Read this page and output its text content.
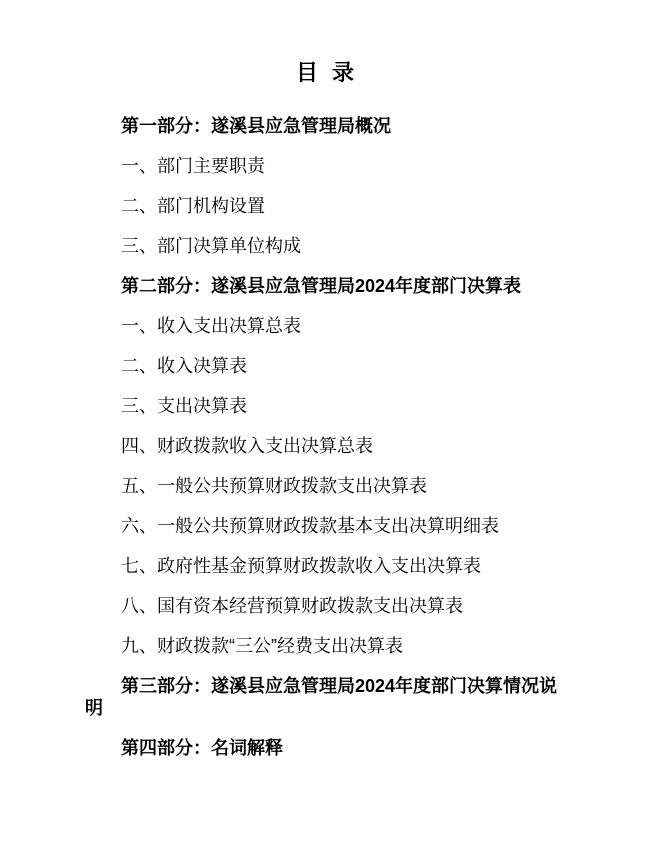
目 录

第一部分：遂溪县应急管理局概况

一、部门主要职责

二、部门机构设置

三、部门决算单位构成

第二部分：遂溪县应急管理局2024年度部门决算表

一、收入支出决算总表

二、收入决算表

三、支出决算表

四、财政拨款收入支出决算总表

五、一般公共预算财政拨款支出决算表

六、一般公共预算财政拨款基本支出决算明细表

七、政府性基金预算财政拨款收入支出决算表

八、国有资本经营预算财政拨款支出决算表

九、财政拨款“三公”经费支出决算表

第三部分：遂溪县应急管理局2024年度部门决算情况说明

第四部分：名词解释
